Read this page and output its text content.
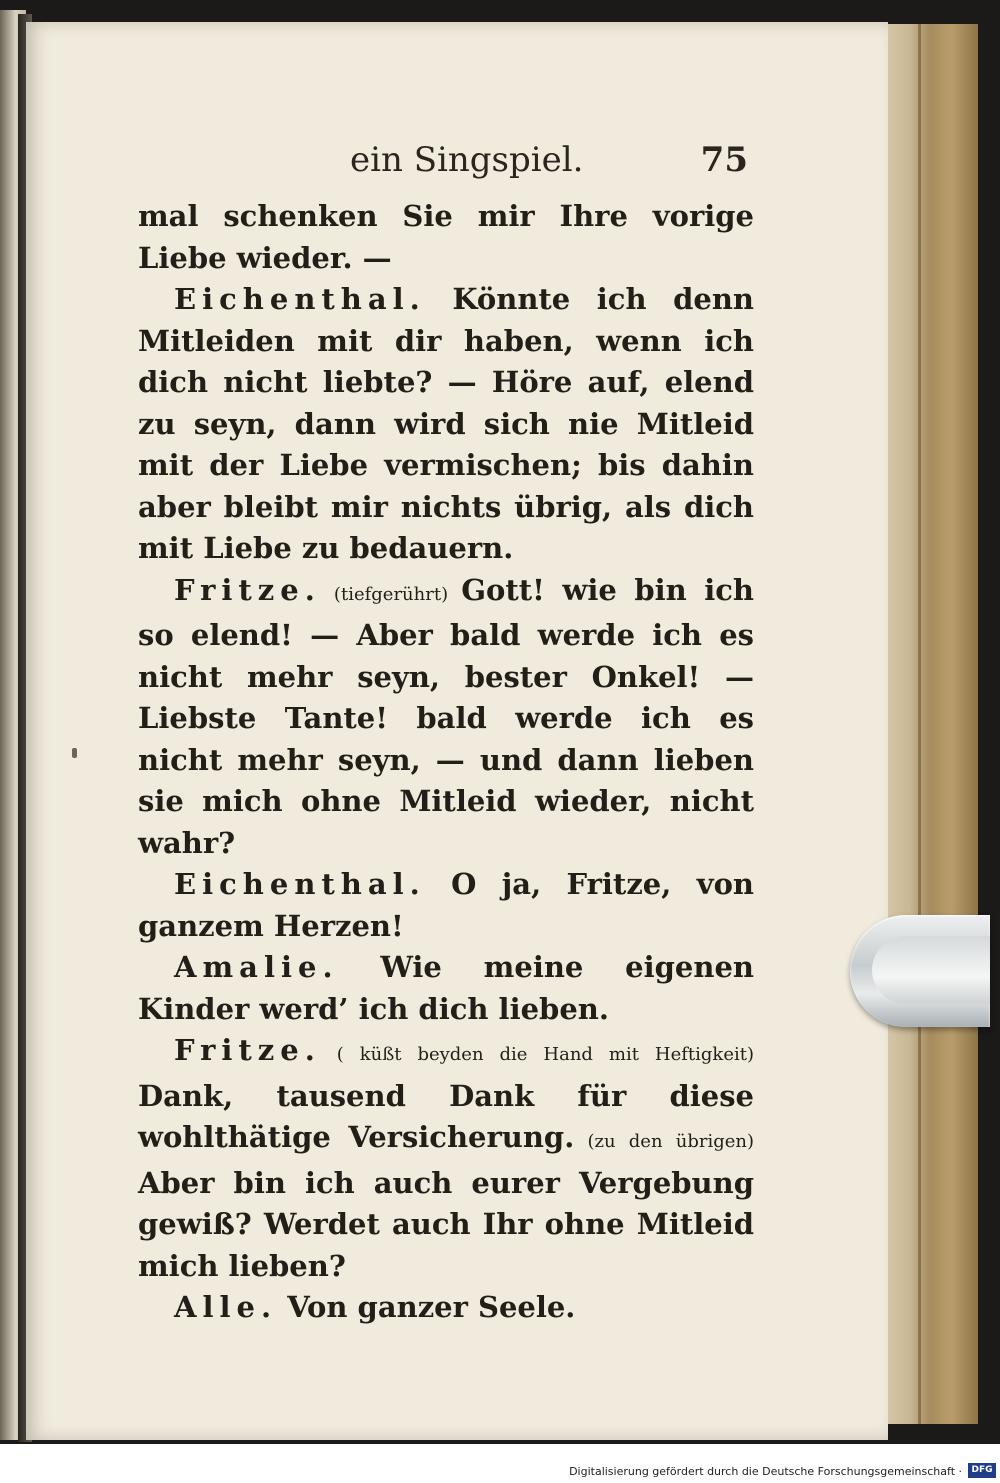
ein Singspiel.	75

mal schenken Sie mir Ihre vorige Liebe wieder. —

Eichenthal. Könnte ich denn Mitleiden mit dir haben, wenn ich dich nicht liebte? — Höre auf, elend zu seyn, dann wird sich nie Mitleid mit der Liebe vermischen; bis dahin aber bleibt mir nichts übrig, als dich mit Liebe zu bedauern.

Fritze. (tiefgerührt) Gott! wie bin ich so elend! — Aber bald werde ich es nicht mehr seyn, bester Onkel! — Liebste Tante! bald werde ich es nicht mehr seyn, — und dann lieben sie mich ohne Mitleid wieder, nicht wahr?

Eichenthal. O ja, Fritze, von ganzem Herzen!

Amalie. Wie meine eigenen Kinder werd’ ich dich lieben.

Fritze. ( küßt beyden die Hand mit Heftigkeit) Dank, tausend Dank für diese wohlthätige Versicherung. (zu den übrigen) Aber bin ich auch eurer Vergebung gewiß? Werdet auch Ihr ohne Mitleid mich lieben?

Alle. Von ganzer Seele.

Digitalisierung gefördert durch die Deutsche Forschungsgemeinschaft ·	DFG
